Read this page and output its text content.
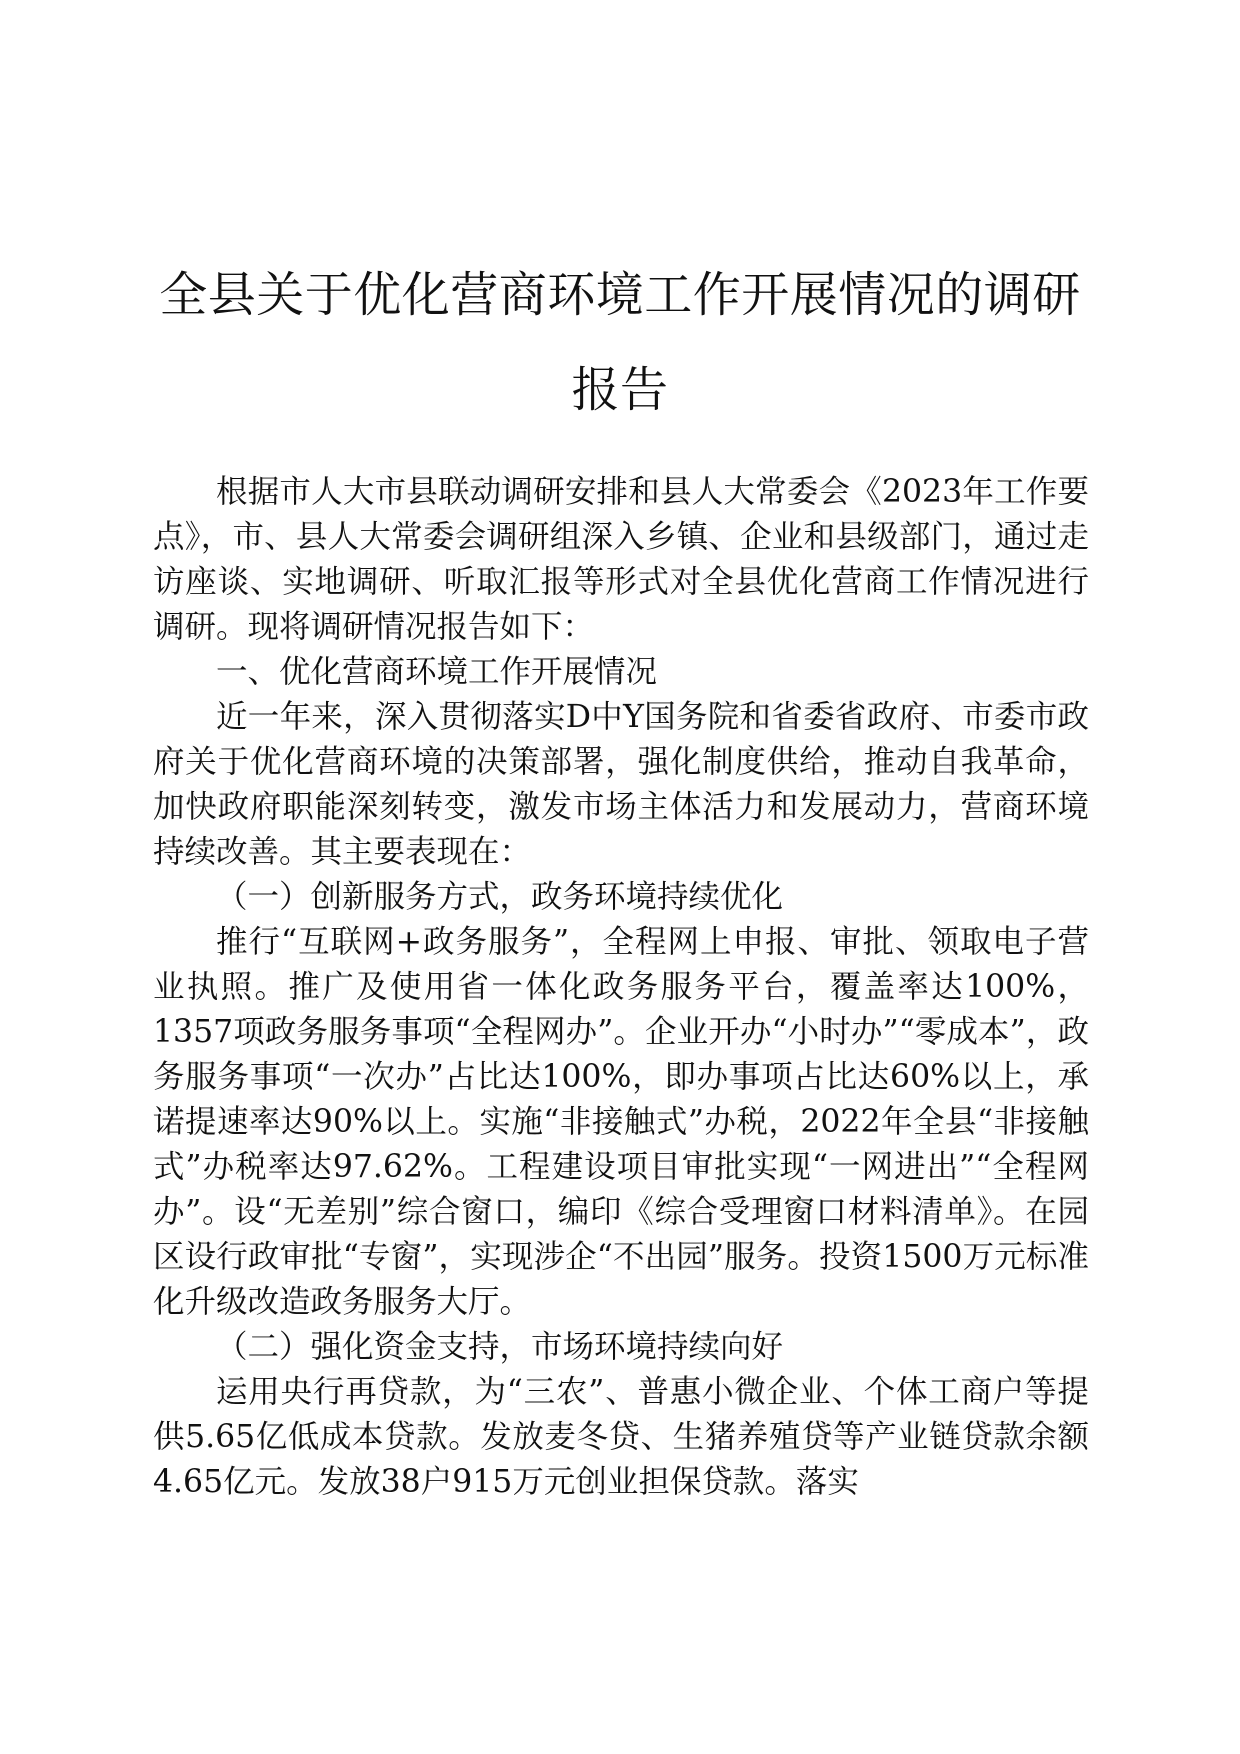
全县关于优化营商环境工作开展情况的调研报告

根据市人大市县联动调研安排和县人大常委会《2023年工作要点》，市、县人大常委会调研组深入乡镇、企业和县级部门，通过走访座谈、实地调研、听取汇报等形式对全县优化营商工作情况进行调研。现将调研情况报告如下：

一、优化营商环境工作开展情况

近一年来，深入贯彻落实D中Y国务院和省委省政府、市委市政府关于优化营商环境的决策部署，强化制度供给，推动自我革命，加快政府职能深刻转变，激发市场主体活力和发展动力，营商环境持续改善。其主要表现在：

（一）创新服务方式，政务环境持续优化

推行“互联网+政务服务”，全程网上申报、审批、领取电子营业执照。推广及使用省一体化政务服务平台，覆盖率达100%，1357项政务服务事项“全程网办”。企业开办“小时办”“零成本”，政务服务事项“一次办”占比达100%，即办事项占比达60%以上，承诺提速率达90%以上。实施“非接触式”办税，2022年全县“非接触式”办税率达97.62%。工程建设项目审批实现“一网进出”“全程网办”。设“无差别”综合窗口，编印《综合受理窗口材料清单》。在园区设行政审批“专窗”，实现涉企“不出园”服务。投资1500万元标准化升级改造政务服务大厅。

（二）强化资金支持，市场环境持续向好

运用央行再贷款，为“三农”、普惠小微企业、个体工商户等提供5.65亿低成本贷款。发放麦冬贷、生猪养殖贷等产业链贷款余额4.65亿元。发放38户915万元创业担保贷款。落实
